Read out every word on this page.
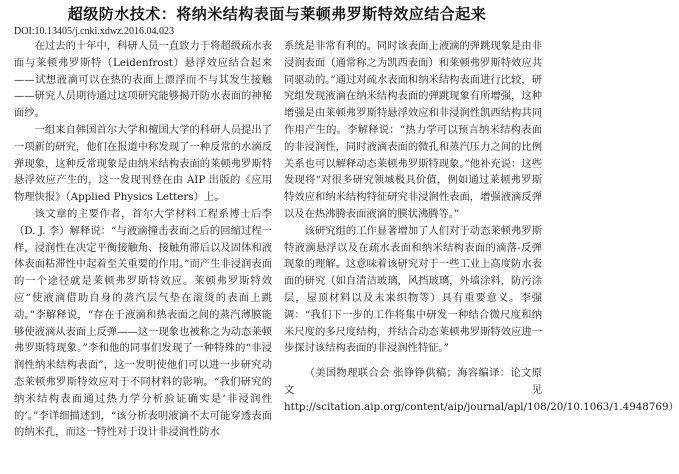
超级防水技术：将纳米结构表面与莱顿弗罗斯特效应结合起来
DOI:10.13405/j.cnki.xdwz.2016.04.023

在过去的十年中，科研人员一直致力于将超级疏水表面与莱顿弗罗斯特（Leidenfrost）悬浮效应结合起来——试想液滴可以在热的表面上漂浮而不与其发生接触——研究人员期待通过这项研究能够揭开防水表面的神秘面纱。

一组来自韩国首尔大学和檀国大学的科研人员提出了一项新的研究，他们在报道中称发现了一种反常的水滴反弹现象，这种反常现象是由纳米结构表面的莱顿弗罗斯特悬浮效应产生的，这一发现刊登在由 AIP 出版的《应用物理快报》（Applied Physics Letters）上。

该文章的主要作者，首尔大学材料工程系博士后李（D. J. 李）解释说：“与液滴撞击表面之后的回缩过程一样，浸润性在决定平衡接触角、接触角滞后以及固体和液体表面粘滞性中起着至关重要的作用。”而产生非浸润表面的一个途径就是莱顿弗罗斯特效应。莱顿弗罗斯特效应“使液滴借助自身的蒸汽层气垫在滚烫的表面上跳动。”李解释说，“存在于液滴和热表面之间的蒸汽薄膜能够使液滴从表面上反弹——这一现象也被称之为动态莱顿弗罗斯特现象。”李和他的同事们发现了一种特殊的“非浸润性纳米结构表面”，这一发明使他们可以进一步研究动态莱顿弗罗斯特效应对于不同材料的影响。“我们研究的纳米结构表面通过热力学分析验证确实是‘非浸润性的’。”李详细描述到，“该分析表明液滴不太可能穿透表面的纳米孔，而这一特性对于设计非浸润性防水

系统是非常有利的。同时该表面上液滴的弹跳现象是由非浸润表面（通常称之为凯西表面）和莱顿弗罗斯特效应共同驱动的。”通过对疏水表面和纳米结构表面进行比较，研究组发现液滴在纳米结构表面的弹跳现象有所增强，这种增强是由莱顿弗罗斯特悬浮效应和非浸润性凯西结构共同作用产生的。李解释说：“热力学可以预言纳米结构表面的非浸润性，同时液滴表面的微孔和蒸汽压力之间的比例关系也可以解释动态莱顿弗罗斯特现象。”他补充说：这些发现将“对很多研究领域极具价值，例如通过莱顿弗罗斯特效应和纳米结构特征研究非浸润性表面，增强液滴反弹以及在热沸腾表面液滴的膜状沸腾等。”

该研究组的工作显著增加了人们对于动态莱顿弗罗斯特液滴悬浮以及在疏水表面和纳米结构表面的滴落-反弹现象的理解。这意味着该研究对于一些工业上高度防水表面的研究（如自清洁玻璃，风挡玻璃，外墙涂料，防污涂层，屋顶材料以及未来织物等）具有重要意义。李强调：“我们下一步的工作将集中研发一种结合微尺度和纳米尺度的多尺度结构，并结合动态莱顿弗罗斯特效应进一步探讨该结构表面的非浸润性特征。”

（美国物理联合会 张铮铮供稿；海容编译：论文原文见 http://scitation.aip.org/content/aip/journal/apl/108/20/10.1063/1.4948769）
